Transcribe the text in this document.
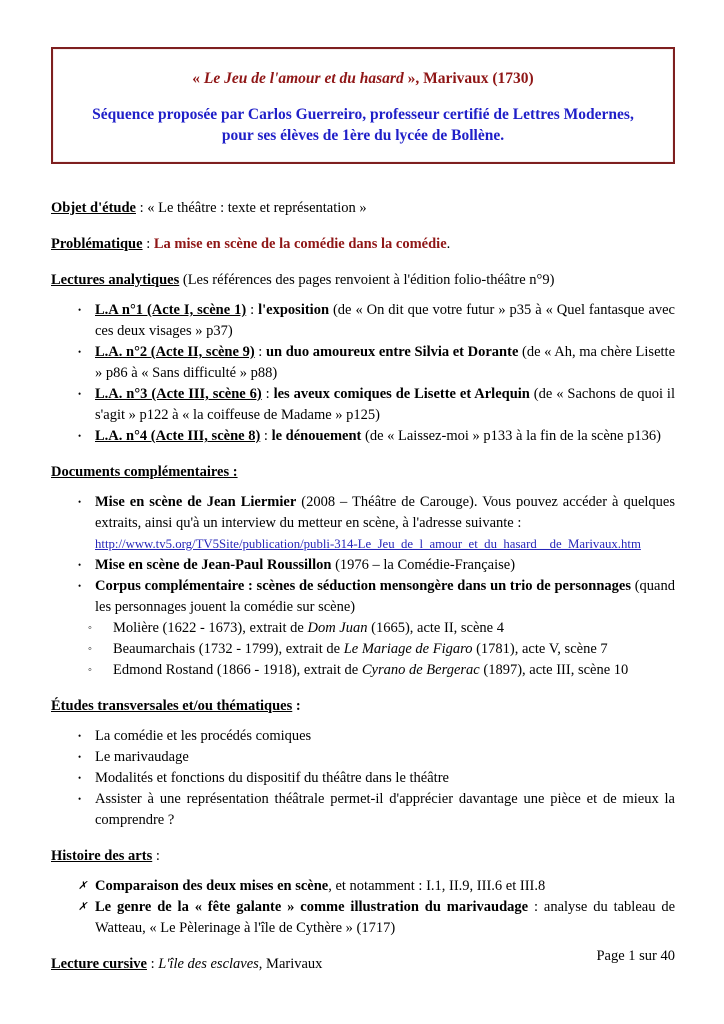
« Le Jeu de l'amour et du hasard », Marivaux (1730)

Séquence proposée par Carlos Guerreiro, professeur certifié de Lettres Modernes,
pour ses élèves de 1ère du lycée de Bollène.

Objet d'étude : « Le théâtre : texte et représentation »

Problématique : La mise en scène de la comédie dans la comédie.

Lectures analytiques (Les références des pages renvoient à l'édition folio-théâtre n°9)

• L.A n°1 (Acte I, scène 1) : l'exposition (de « On dit que votre futur » p35 à « Quel fantasque avec ces deux visages » p37)
• L.A. n°2 (Acte II, scène 9) : un duo amoureux entre Silvia et Dorante (de « Ah, ma chère Lisette » p86 à « Sans difficulté » p88)
• L.A. n°3 (Acte III, scène 6) : les aveux comiques de Lisette et Arlequin (de « Sachons de quoi il s'agit » p122 à « la coiffeuse de Madame » p125)
• L.A. n°4 (Acte III, scène 8) : le dénouement (de « Laissez-moi » p133 à la fin de la scène p136)

Documents complémentaires :

• Mise en scène de Jean Liermier (2008 – Théâtre de Carouge). Vous pouvez accéder à quelques extraits, ainsi qu'à un interview du metteur en scène, à l'adresse suivante :
http://www.tv5.org/TV5Site/publication/publi-314-Le_Jeu_de_l_amour_et_du_hasard__de_Marivaux.htm
• Mise en scène de Jean-Paul Roussillon (1976 – la Comédie-Française)
• Corpus complémentaire : scènes de séduction mensongère dans un trio de personnages (quand les personnages jouent la comédie sur scène)
◦ Molière (1622 - 1673), extrait de Dom Juan (1665), acte II, scène 4
◦ Beaumarchais (1732 - 1799), extrait de Le Mariage de Figaro (1781), acte V, scène 7
◦ Edmond Rostand (1866 - 1918), extrait de Cyrano de Bergerac (1897), acte III, scène 10

Études transversales et/ou thématiques :

• La comédie et les procédés comiques
• Le marivaudage
• Modalités et fonctions du dispositif du théâtre dans le théâtre
• Assister à une représentation théâtrale permet-il d'apprécier davantage une pièce et de mieux la comprendre ?

Histoire des arts :

✗ Comparaison des deux mises en scène, et notamment : I.1, II.9, III.6 et III.8
✗ Le genre de la « fête galante » comme illustration du marivaudage : analyse du tableau de Watteau, « Le Pèlerinage à l'île de Cythère » (1717)

Lecture cursive : L'île des esclaves, Marivaux	Page 1 sur 40
